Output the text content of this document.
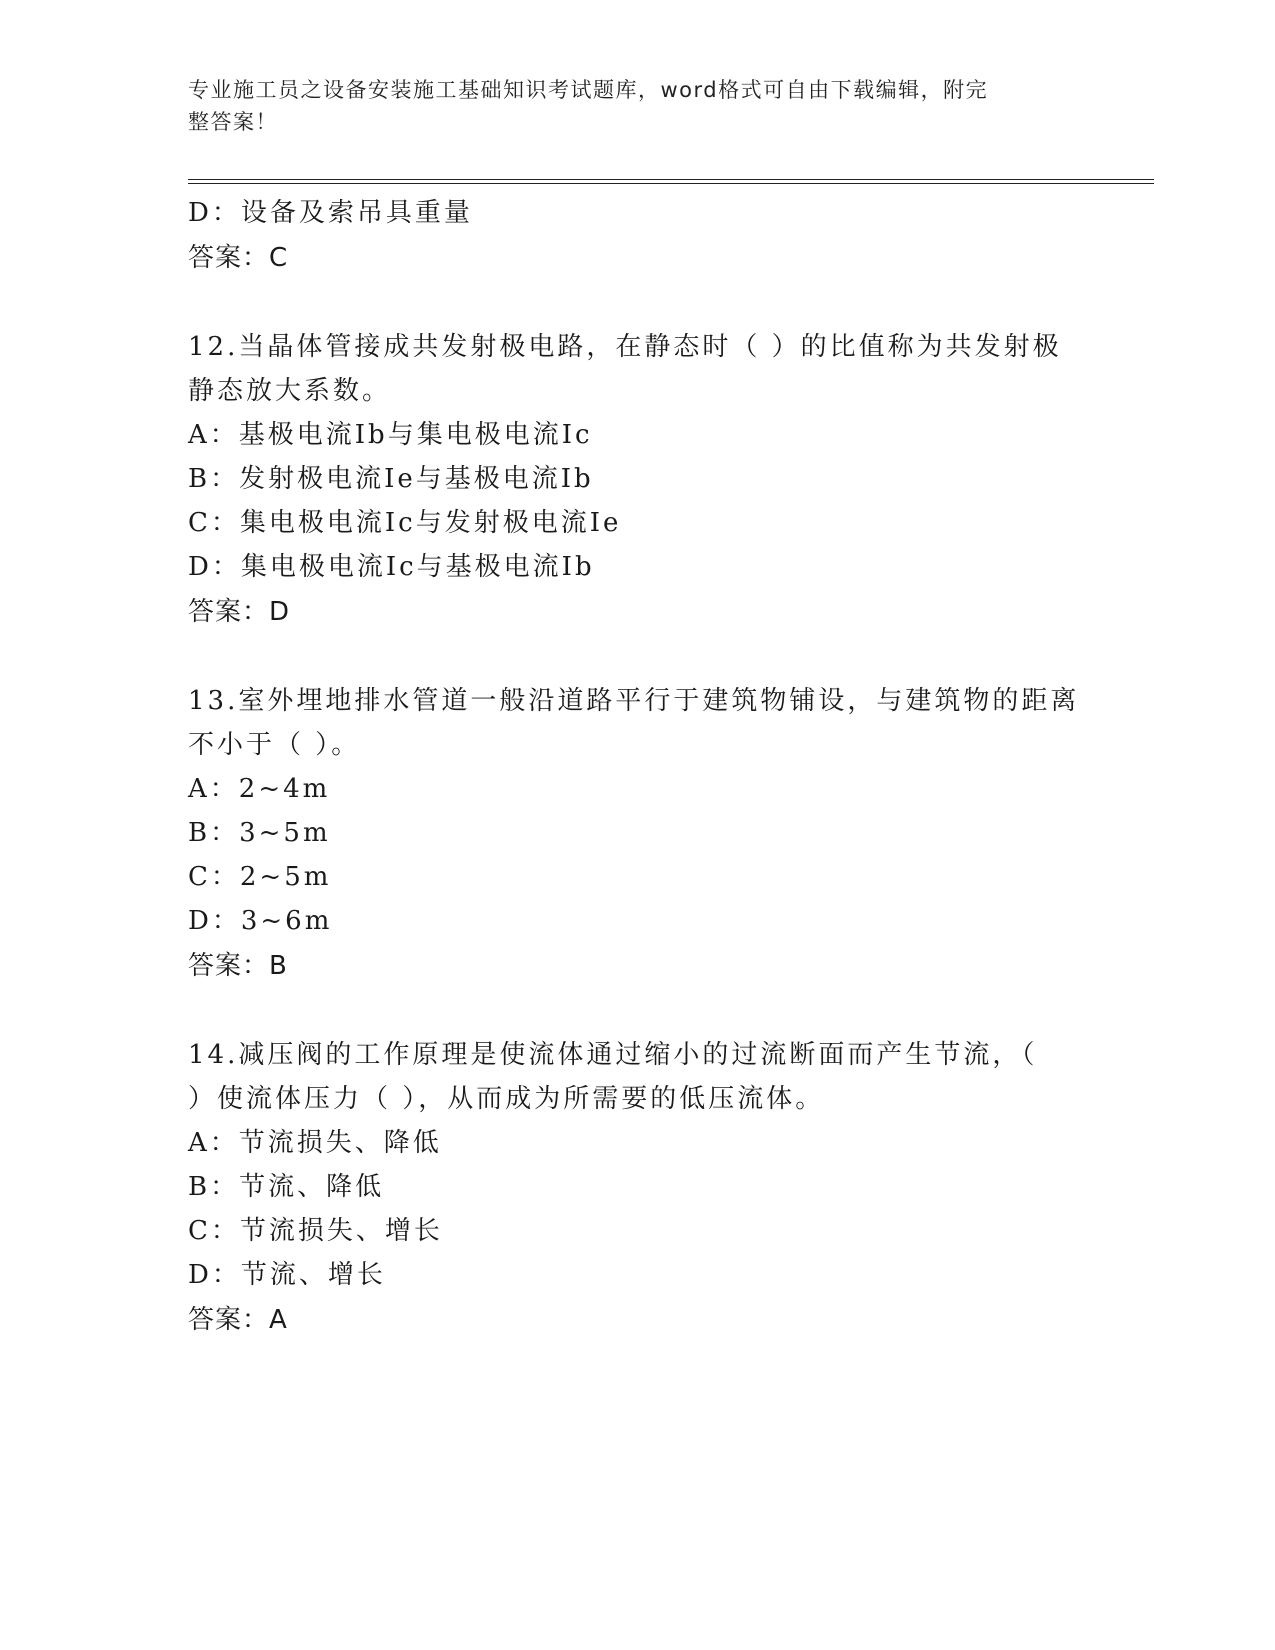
专业施工员之设备安装施工基础知识考试题库，word格式可自由下载编辑，附完
整答案！
D：设备及索吊具重量
答案：C
12.当晶体管接成共发射极电路，在静态时（ ）的比值称为共发射极
静态放大系数。
A：基极电流Ib与集电极电流Ic
B：发射极电流Ie与基极电流Ib
C：集电极电流Ic与发射极电流Ie
D：集电极电流Ic与基极电流Ib
答案：D
13.室外埋地排水管道一般沿道路平行于建筑物铺设，与建筑物的距离
不小于（ ）。
A：2~4m
B：3~5m
C：2~5m
D：3~6m
答案：B
14.减压阀的工作原理是使流体通过缩小的过流断面而产生节流，（
）使流体压力（ ），从而成为所需要的低压流体。
A：节流损失、降低
B：节流、降低
C：节流损失、增长
D：节流、增长
答案：A
